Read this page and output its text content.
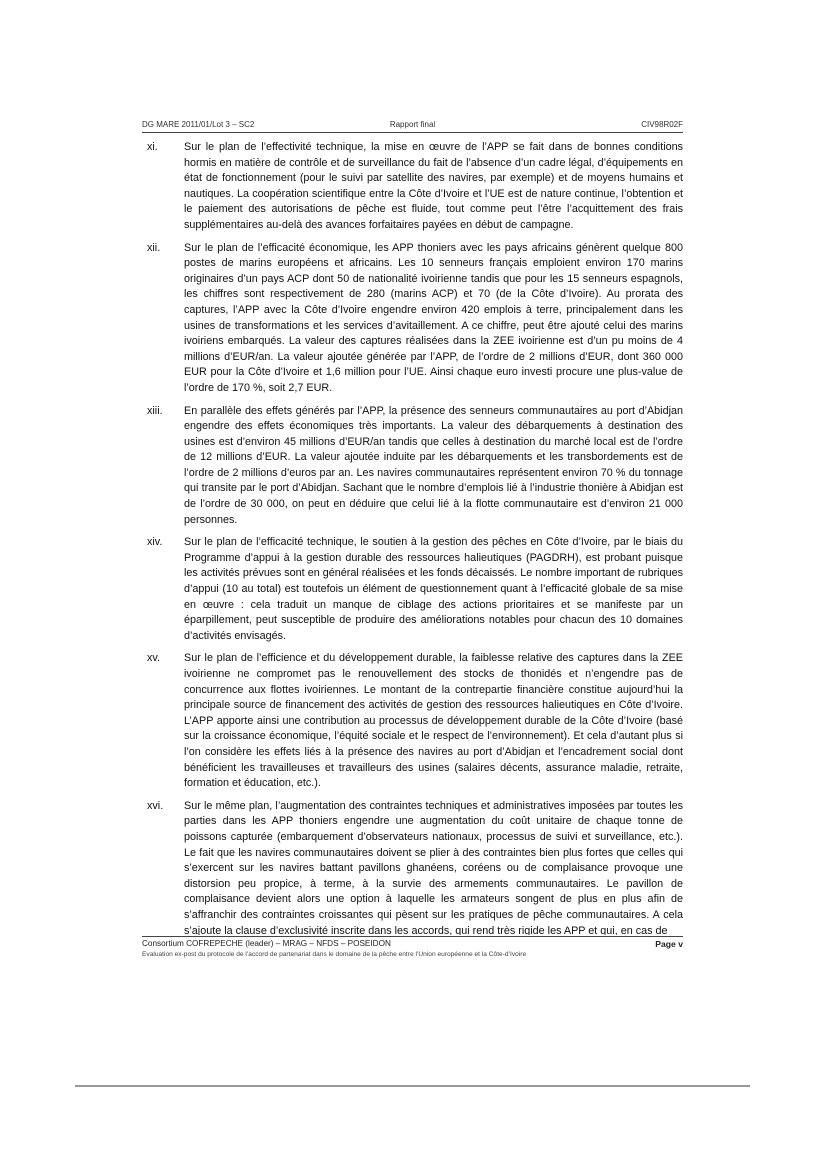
DG MARE 2011/01/Lot 3 – SC2	Rapport final	CIV98R02F
xi.	Sur le plan de l’effectivité technique, la mise en œuvre de l’APP se fait dans de bonnes conditions hormis en matière de contrôle et de surveillance du fait de l’absence d’un cadre légal, d’équipements en état de fonctionnement (pour le suivi par satellite des navires, par exemple) et de moyens humains et nautiques. La coopération scientifique entre la Côte d’Ivoire et l’UE est de nature continue, l’obtention et le paiement des autorisations de pêche est fluide, tout comme peut l’être l’acquittement des frais supplémentaires au-delà des avances forfaitaires payées en début de campagne.
xii.	Sur le plan de l’efficacité économique, les APP thoniers avec les pays africains génèrent quelque 800 postes de marins européens et africains. Les 10 senneurs français emploient environ 170 marins originaires d’un pays ACP dont 50 de nationalité ivoirienne tandis que pour les 15 senneurs espagnols, les chiffres sont respectivement de 280 (marins ACP) et 70 (de la Côte d’Ivoire). Au prorata des captures, l’APP avec la Côte d’Ivoire engendre environ 420 emplois à terre, principalement dans les usines de transformations et les services d’avitaillement. A ce chiffre, peut être ajouté celui des marins ivoiriens embarqués. La valeur des captures réalisées dans la ZEE ivoirienne est d’un pu moins de 4 millions d’EUR/an. La valeur ajoutée générée par l’APP, de l’ordre de 2 millions d’EUR, dont 360 000 EUR pour la Côte d’Ivoire et 1,6 million pour l’UE. Ainsi chaque euro investi procure une plus-value de l’ordre de 170 %, soit 2,7 EUR.
xiii.	En parallèle des effets générés par l’APP, la présence des senneurs communautaires au port d’Abidjan engendre des effets économiques très importants. La valeur des débarquements à destination des usines est d’environ 45 millions d’EUR/an tandis que celles à destination du marché local est de l’ordre de 12 millions d’EUR. La valeur ajoutée induite par les débarquements et les transbordements est de l’ordre de 2 millions d’euros par an. Les navires communautaires représentent environ 70 % du tonnage qui transite par le port d’Abidjan. Sachant que le nombre d’emplois lié à l’industrie thonière à Abidjan est de l’ordre de 30 000, on peut en déduire que celui lié à la flotte communautaire est d’environ 21 000 personnes.
xiv.	Sur le plan de l’efficacité technique, le soutien à la gestion des pêches en Côte d’Ivoire, par le biais du Programme d’appui à la gestion durable des ressources halieutiques (PAGDRH), est probant puisque les activités prévues sont en général réalisées et les fonds décaissés. Le nombre important de rubriques d’appui (10 au total) est toutefois un élément de questionnement quant à l’efficacité globale de sa mise en œuvre : cela traduit un manque de ciblage des actions prioritaires et se manifeste par un éparpillement, peut susceptible de produire des améliorations notables pour chacun des 10 domaines d’activités envisagés.
xv.	Sur le plan de l’efficience et du développement durable, la faiblesse relative des captures dans la ZEE ivoirienne ne compromet pas le renouvellement des stocks de thonidés et n’engendre pas de concurrence aux flottes ivoiriennes. Le montant de la contrepartie financière constitue aujourd’hui la principale source de financement des activités de gestion des ressources halieutiques en Côte d’Ivoire. L’APP apporte ainsi une contribution au processus de développement durable de la Côte d’Ivoire (basé sur la croissance économique, l’équité sociale et le respect de l’environnement). Et cela d’autant plus si l’on considère les effets liés à la présence des navires au port d’Abidjan et l’encadrement social dont bénéficient les travailleuses et travailleurs des usines (salaires décents, assurance maladie, retraite, formation et éducation, etc.).
xvi.	Sur le même plan, l’augmentation des contraintes techniques et administratives imposées par toutes les parties dans les APP thoniers engendre une augmentation du coût unitaire de chaque tonne de poissons capturée (embarquement d’observateurs nationaux, processus de suivi et surveillance, etc.). Le fait que les navires communautaires doivent se plier à des contraintes bien plus fortes que celles qui s’exercent sur les navires battant pavillons ghanéens, coréens ou de complaisance provoque une distorsion peu propice, à terme, à la survie des armements communautaires. Le pavillon de complaisance devient alors une option à laquelle les armateurs songent de plus en plus afin de s’affranchir des contraintes croissantes qui pèsent sur les pratiques de pêche communautaires. A cela s’ajoute la clause d’exclusivité inscrite dans les accords, qui rend très rigide les APP et qui, en cas de
Consortium COFREPECHE (leader) – MRAG – NFDS – POSEIDON	Page v
Evaluation ex-post du protocole de l’accord de partenariat dans le domaine de la pêche entre l’Union européenne et la Côte-d’Ivoire
